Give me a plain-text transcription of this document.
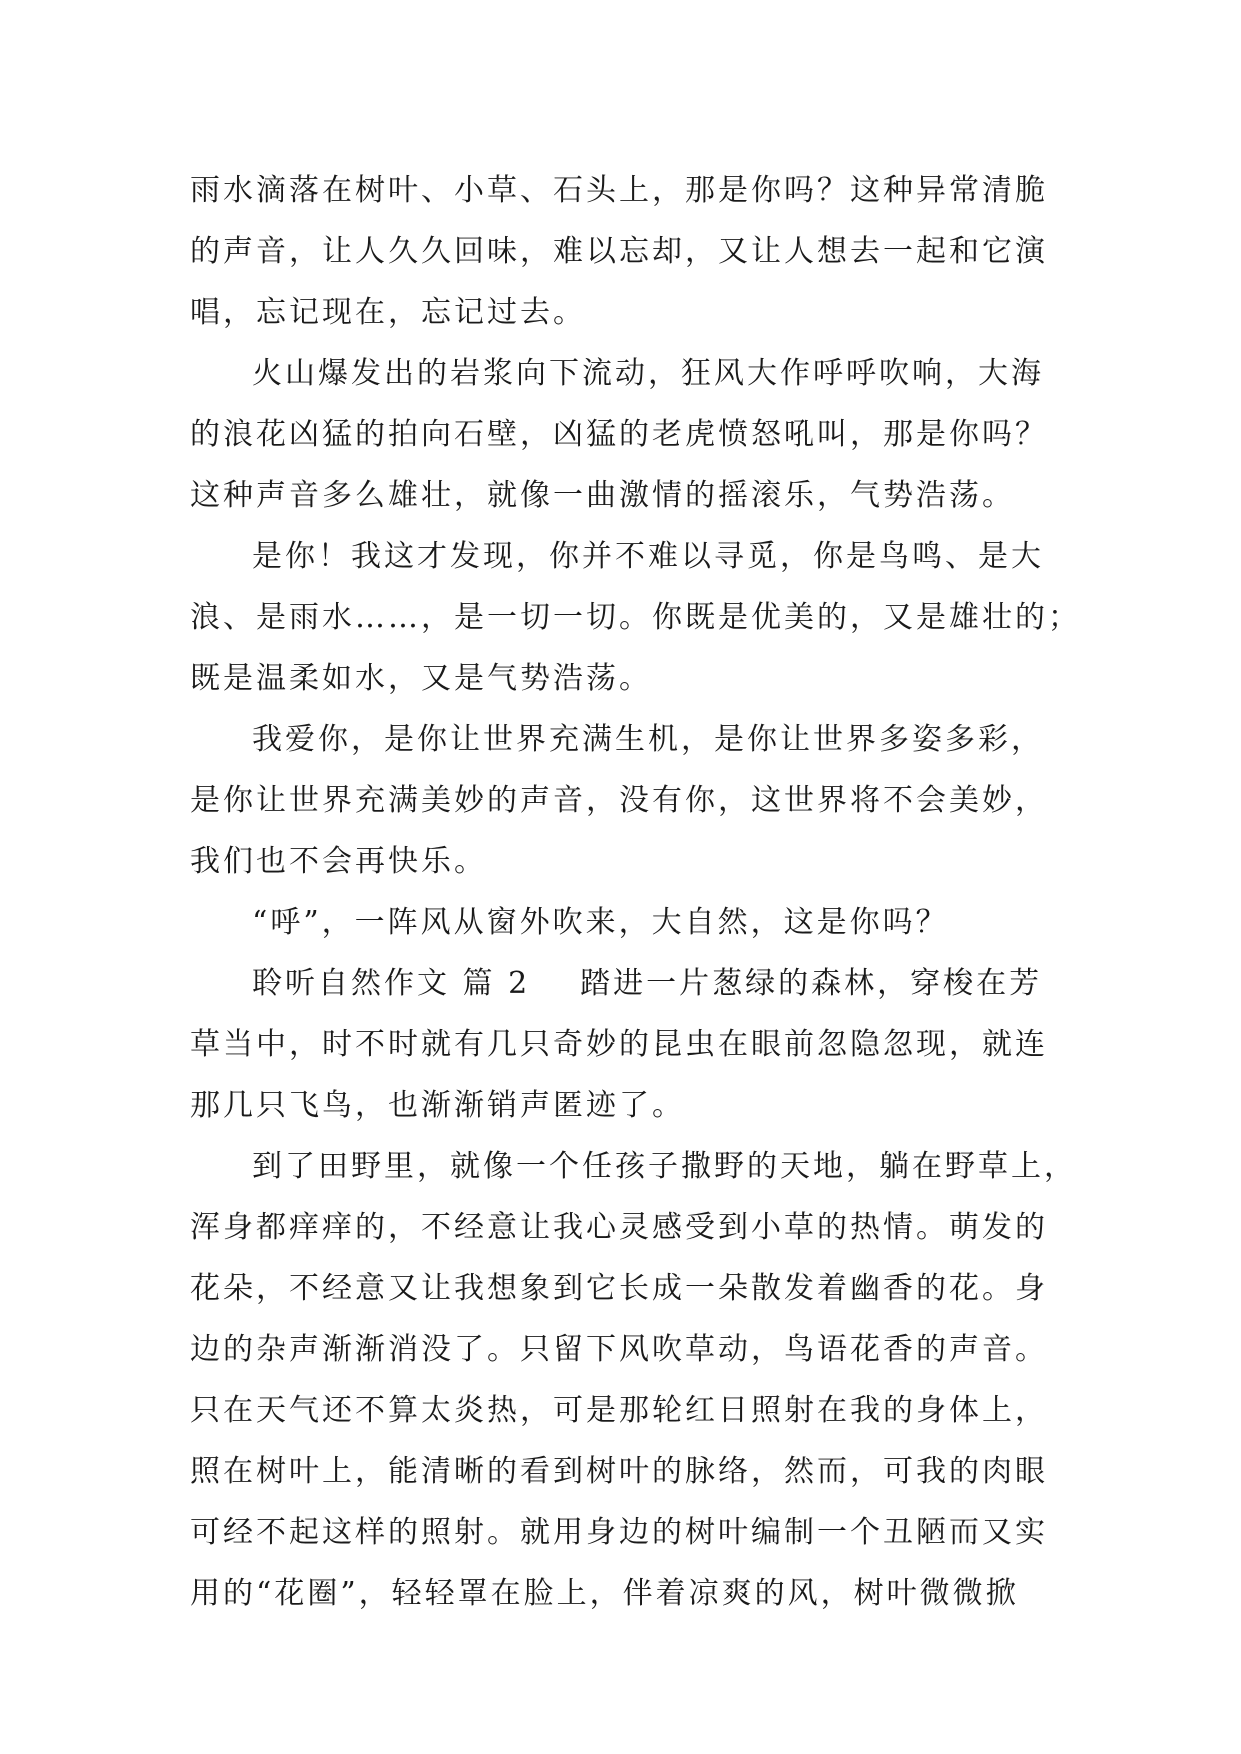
雨水滴落在树叶、小草、石头上，那是你吗？这种异常清脆
的声音，让人久久回味，难以忘却，又让人想去一起和它演
唱，忘记现在，忘记过去。
火山爆发出的岩浆向下流动，狂风大作呼呼吹响，大海
的浪花凶猛的拍向石壁，凶猛的老虎愤怒吼叫，那是你吗？
这种声音多么雄壮，就像一曲激情的摇滚乐，气势浩荡。
是你！我这才发现，你并不难以寻觅，你是鸟鸣、是大
浪、是雨水……，是一切一切。你既是优美的，又是雄壮的；
既是温柔如水，又是气势浩荡。
我爱你，是你让世界充满生机，是你让世界多姿多彩，
是你让世界充满美妙的声音，没有你，这世界将不会美妙，
我们也不会再快乐。
“呼”，一阵风从窗外吹来，大自然，这是你吗？
聆听自然作文 篇 2 踏进一片葱绿的森林，穿梭在芳
草当中，时不时就有几只奇妙的昆虫在眼前忽隐忽现，就连
那几只飞鸟，也渐渐销声匿迹了。
到了田野里，就像一个任孩子撒野的天地，躺在野草上，
浑身都痒痒的，不经意让我心灵感受到小草的热情。萌发的
花朵，不经意又让我想象到它长成一朵散发着幽香的花。身
边的杂声渐渐消没了。只留下风吹草动，鸟语花香的声音。
只在天气还不算太炎热，可是那轮红日照射在我的身体上，
照在树叶上，能清晰的看到树叶的脉络，然而，可我的肉眼
可经不起这样的照射。就用身边的树叶编制一个丑陋而又实
用的“花圈”，轻轻罩在脸上，伴着凉爽的风，树叶微微掀
